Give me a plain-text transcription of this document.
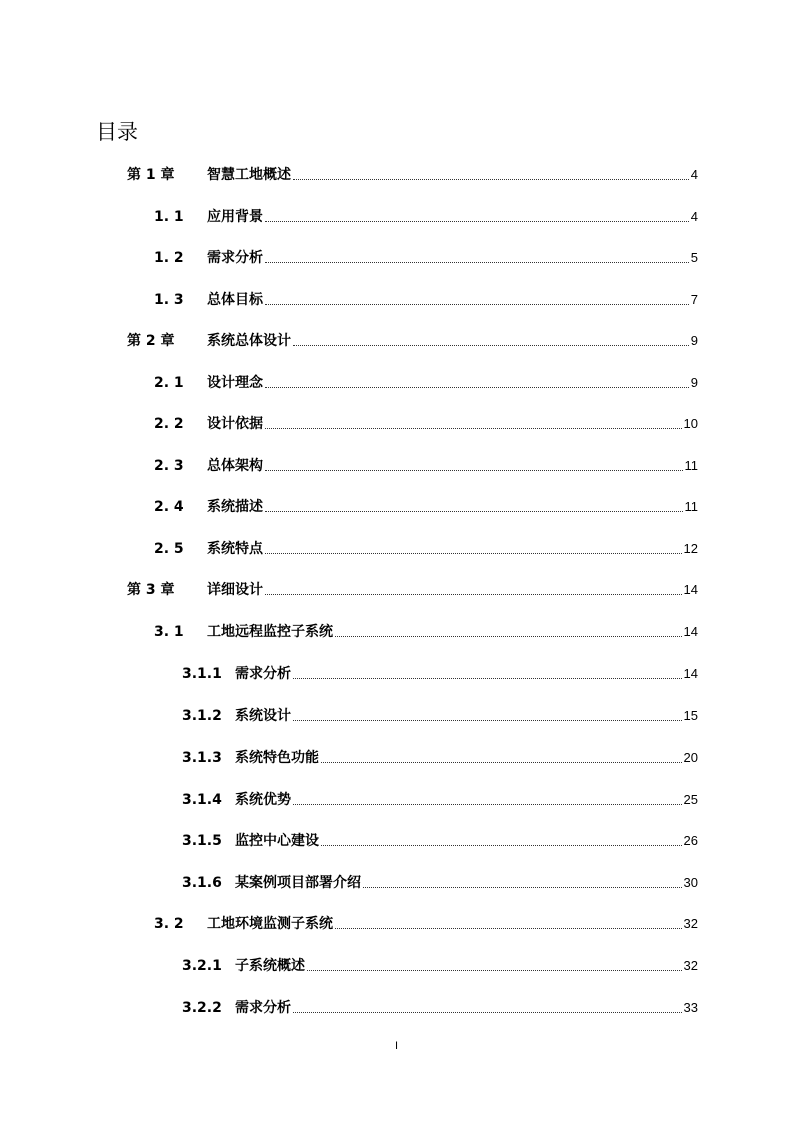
目录
第 1 章	智慧工地概述	4
1. 1	应用背景	4
1. 2	需求分析	5
1. 3	总体目标	7
第 2 章	系统总体设计	9
2. 1	设计理念	9
2. 2	设计依据	10
2. 3	总体架构	11
2. 4	系统描述	11
2. 5	系统特点	12
第 3 章	详细设计	14
3. 1	工地远程监控子系统	14
3.1.1 需求分析	14
3.1.2 系统设计	15
3.1.3 系统特色功能	20
3.1.4 系统优势	25
3.1.5 监控中心建设	26
3.1.6 某案例项目部署介绍	30
3. 2	工地环境监测子系统	32
3.2.1 子系统概述	32
3.2.2 需求分析	33
I
